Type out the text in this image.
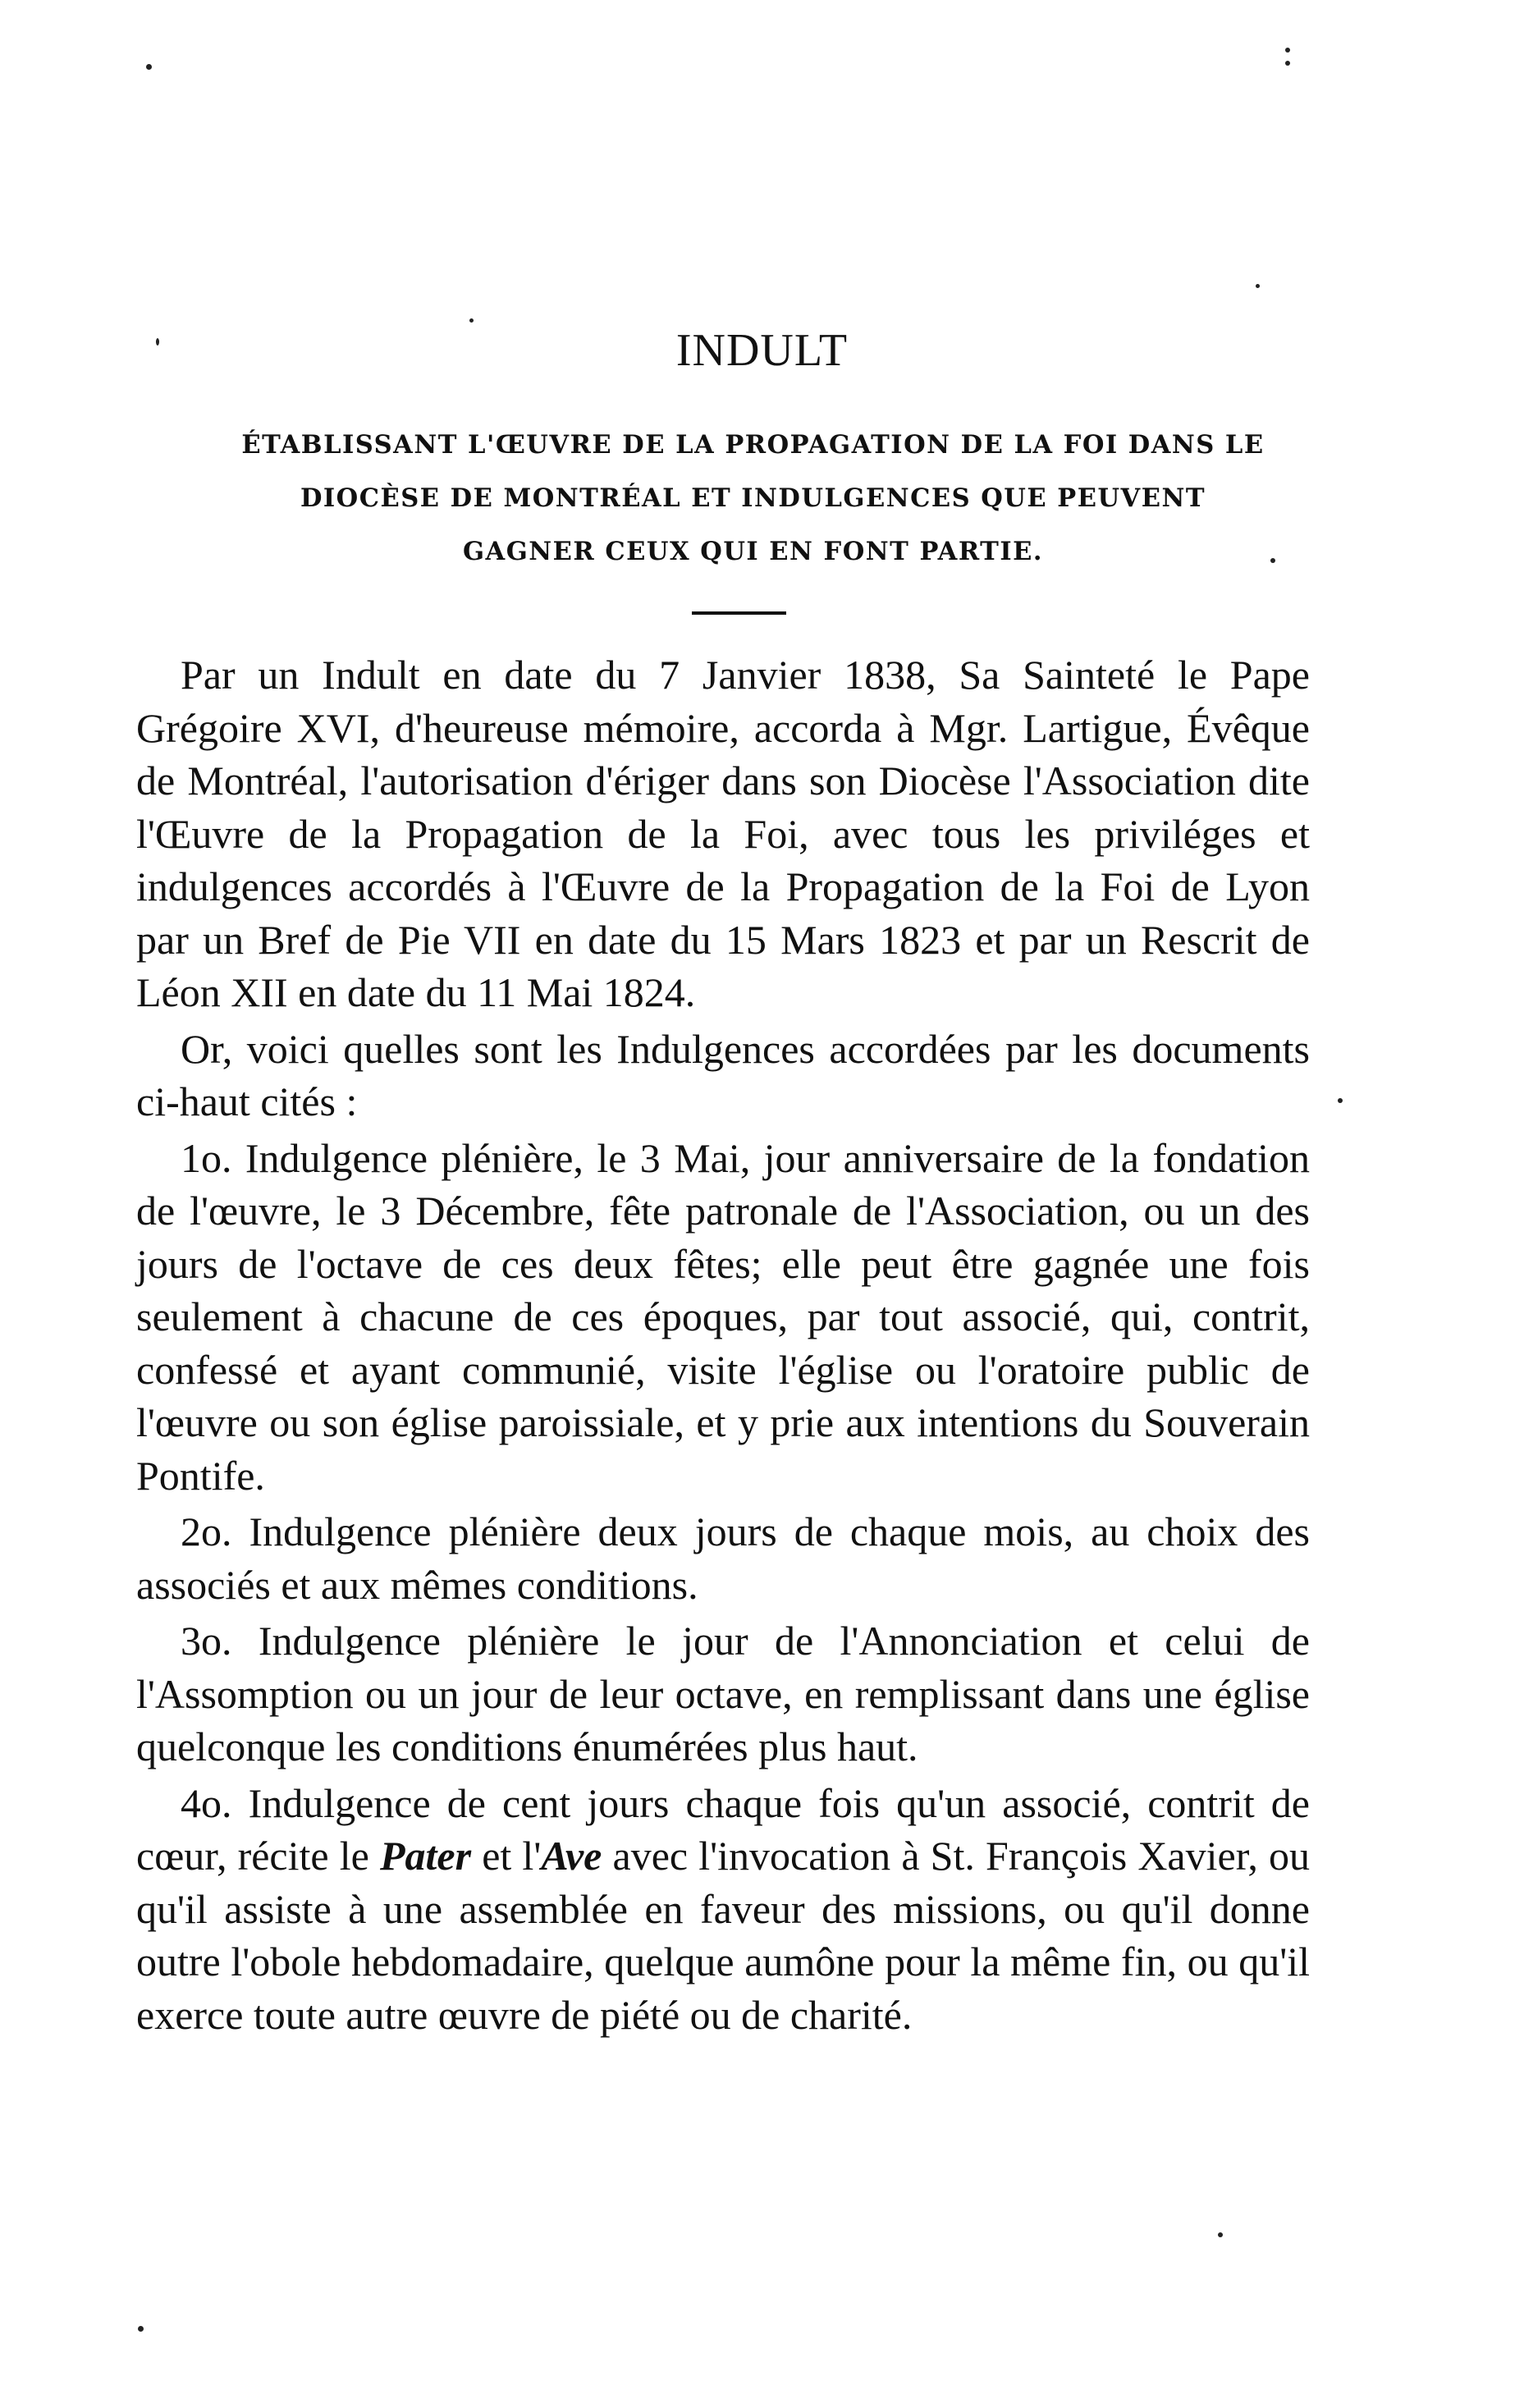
INDULT
ÉTABLISSANT L'ŒUVRE DE LA PROPAGATION DE LA FOI DANS LE
DIOCÈSE DE MONTRÉAL ET INDULGENCES QUE PEUVENT
GAGNER CEUX QUI EN FONT PARTIE.

Par un Indult en date du 7 Janvier 1838, Sa Sainteté le Pape Grégoire XVI, d'heureuse mémoire, accorda à Mgr. Lartigue, Évêque de Montréal, l'autorisation d'ériger dans son Diocèse l'Association dite l'Œuvre de la Propagation de la Foi, avec tous les priviléges et indulgences accordés à l'Œuvre de la Propagation de la Foi de Lyon par un Bref de Pie VII en date du 15 Mars 1823 et par un Rescrit de Léon XII en date du 11 Mai 1824.

Or, voici quelles sont les Indulgences accordées par les documents ci-haut cités :

1o. Indulgence plénière, le 3 Mai, jour anniversaire de la fondation de l'œuvre, le 3 Décembre, fête patronale de l'Association, ou un des jours de l'octave de ces deux fêtes; elle peut être gagnée une fois seulement à chacune de ces époques, par tout associé, qui, contrit, confessé et ayant communié, visite l'église ou l'oratoire public de l'œuvre ou son église paroissiale, et y prie aux intentions du Souverain Pontife.

2o. Indulgence plénière deux jours de chaque mois, au choix des associés et aux mêmes conditions.

3o. Indulgence plénière le jour de l'Annonciation et celui de l'Assomption ou un jour de leur octave, en remplissant dans une église quelconque les conditions énumérées plus haut.

4o. Indulgence de cent jours chaque fois qu'un associé, contrit de cœur, récite le Pater et l'Ave avec l'invocation à St. François Xavier, ou qu'il assiste à une assemblée en faveur des missions, ou qu'il donne outre l'obole hebdomadaire, quelque aumône pour la même fin, ou qu'il exerce toute autre œuvre de piété ou de charité.
